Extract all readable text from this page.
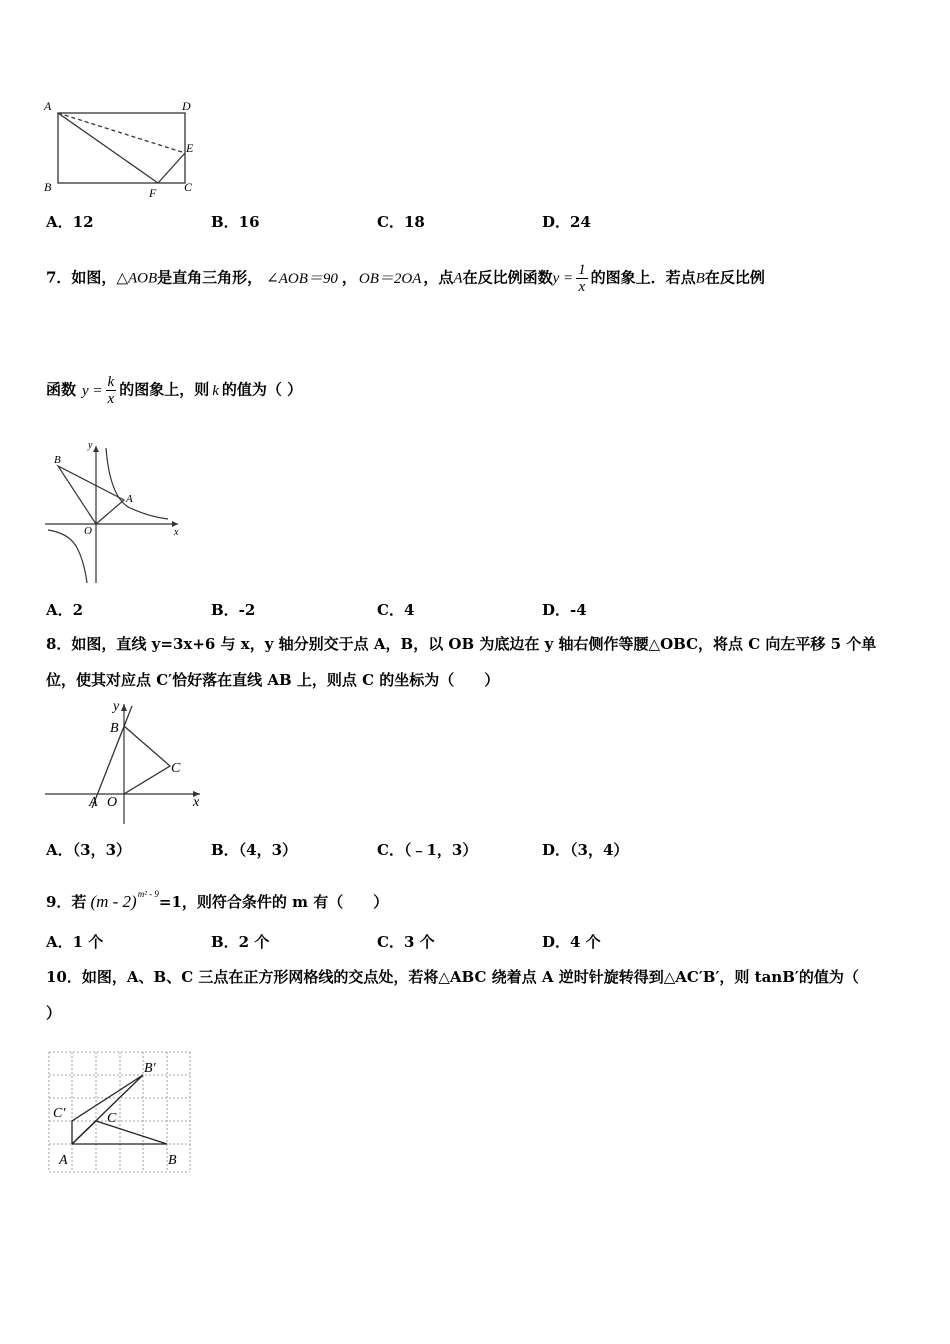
A	D
E
B	F C
A．12	B．16	C．18	D．24
7．如图，△AOB是直角三角形， ∠AOB＝90 ， OB＝2OA ，点A在反比例函数$y = \frac{1}{x}$ 的图象上．若点B在反比例
函数 $y = \frac{k}{x}$ 的图象上，则 k 的值为（ ）
B
A
O	x
y
A．2	B．-2	C．4	D．-4
8．如图，直线 y=3x+6 与 x，y 轴分别交于点 A，B，以 OB 为底边在 y 轴右侧作等腰△OBC，将点 C 向左平移 5 个单
位，使其对应点 C′恰好落在直线 AB 上，则点 C 的坐标为（　　）
B
C
A O	x
y
A．（3，3）	B．（4，3）	C．（﹣1，3）	D．（3，4）
9．若 (m - 2)$^{m^2 - 9}$=1，则符合条件的 m 有（　　）
A．1 个	B．2 个	C．3 个	D．4 个
10．如图，A、B、C 三点在正方形网格线的交点处，若将△ABC 绕着点 A 逆时针旋转得到△AC′B′，则 tanB′的值为（
）
B′
C′	C
A	B
